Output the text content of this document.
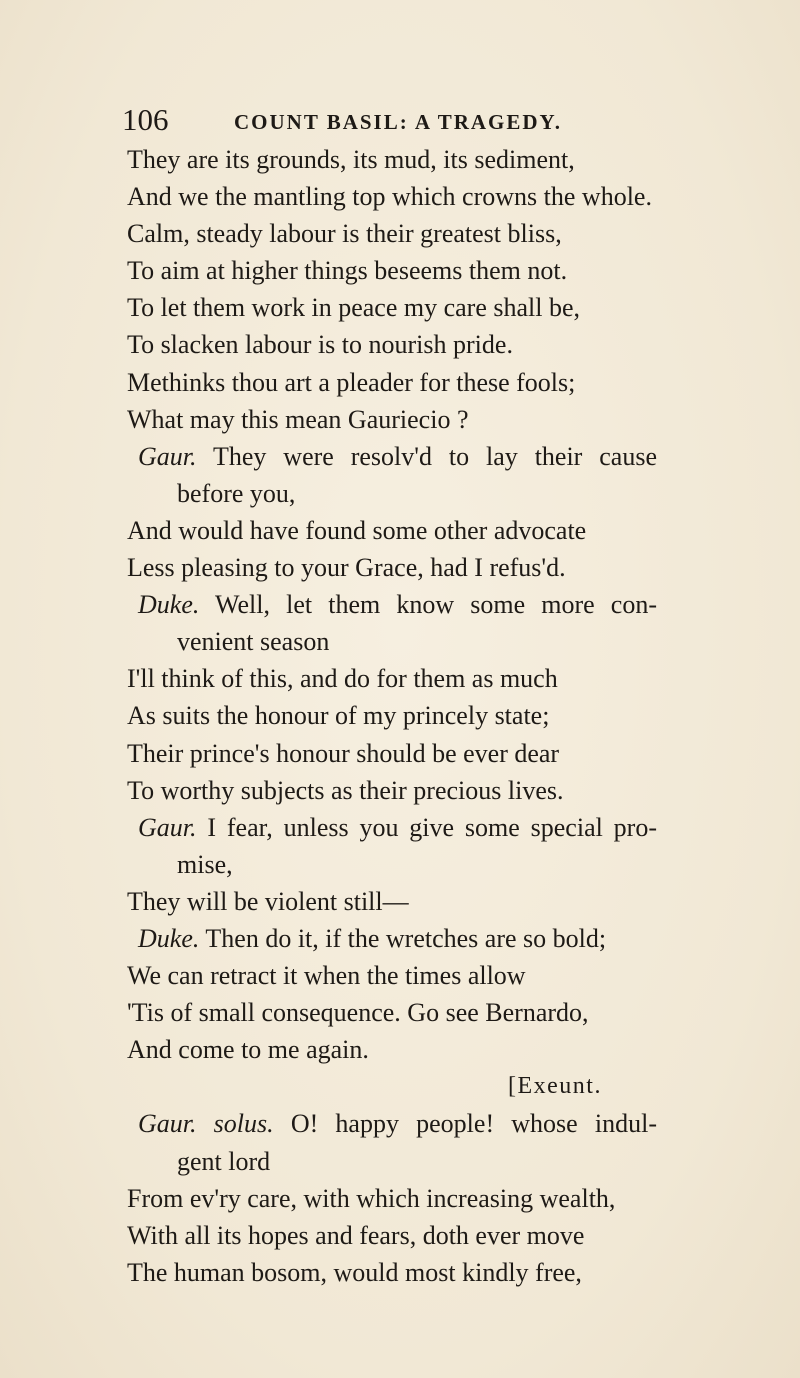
106	COUNT BASIL: A TRAGEDY.
They are its grounds, its mud, its sediment,
And we the mantling top which crowns the whole.
Calm, steady labour is their greatest bliss,
To aim at higher things beseems them not.
To let them work in peace my care shall be,
To slacken labour is to nourish pride.
Methinks thou art a pleader for these fools;
What may this mean Gauriecio ?
Gaur. They were resolv'd to lay their cause
before you,
And would have found some other advocate
Less pleasing to your Grace, had I refus'd.
Duke. Well, let them know some more con-
venient season
I'll think of this, and do for them as much
As suits the honour of my princely state;
Their prince's honour should be ever dear
To worthy subjects as their precious lives.
Gaur. I fear, unless you give some special pro-
mise,
They will be violent still—
Duke. Then do it, if the wretches are so bold;
We can retract it when the times allow
'Tis of small consequence. Go see Bernardo,
And come to me again.
[Exeunt.
Gaur. solus. O! happy people! whose indul-
gent lord
From ev'ry care, with which increasing wealth,
With all its hopes and fears, doth ever move
The human bosom, would most kindly free,
